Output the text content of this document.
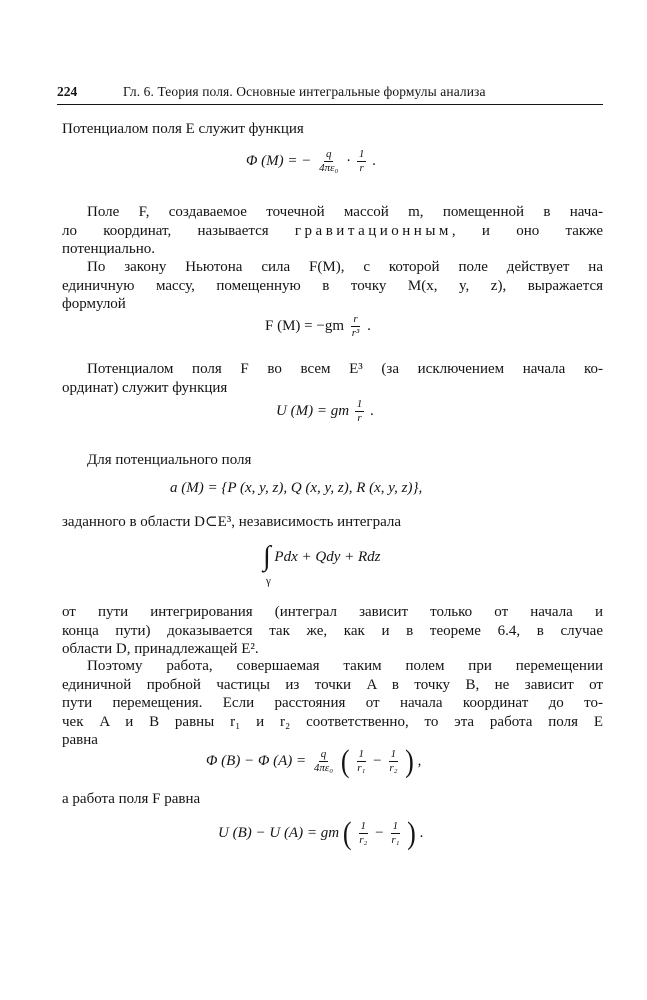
224	Гл. 6. Теория поля. Основные интегральные формулы анализа
Потенциалом поля E служит функция
Φ (M) = − $\frac{q}{\text{4πε₀}} \cdot \frac{1}{r}$ .
Поле F, создаваемое точечной массой m, помещенной в нача-
ло координат, называется гравитационным, и оно также
потенциально.
По закону Ньютона сила F(M), с которой поле действует на
единичную массу, помещенную в точку M(x, y, z), выражается
формулой
F $(M) = -gm \frac{r}{\text{r³}}$ .
Потенциалом поля F во всем E³ (за исключением начала ко-
ординат) служит функция
U (M) = gm $\frac{1}{r}$ .
Для потенциального поля
a (M) = {P (x, y, z), Q (x, y, z), R (x, y, z)},
заданного в области D⊂E³, независимость интеграла
∫ Pdx + Qdy + Rdz
γ
от пути интегрирования (интеграл зависит только от начала и
конца пути) доказывается так же, как и в теореме 6.4, в случае
области D, принадлежащей E².
Поэтому работа, совершаемая таким полем при перемещении
единичной пробной частицы из точки A в точку B, не зависит от
пути перемещения. Если расстояния от начала координат до то-
чек A и B равны r₁ и r₂ соответственно, то эта работа поля E
равна
Φ (B) − Φ $(A) = \frac{q}{\text{4πε₀}}$ ( $\frac{1}{\text{r₁}} - \frac{1}{\text{r₂}}$ ) ,
а работа поля F равна
U (B) − U (A) = gm ( $\frac{1}{\text{r₂}} - \frac{1}{\text{r₁}}$ ) .
